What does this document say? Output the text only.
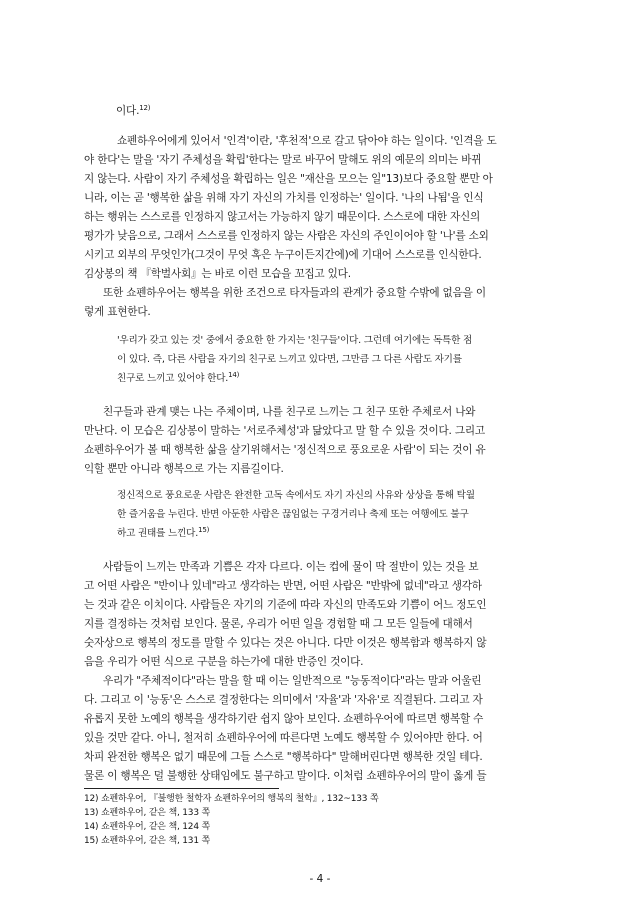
이다.$^{12)}$
쇼펜하우어에게 있어서 '인격'이란, '후천적'으로 갈고 닦아야 하는 일이다. '인격을 도
야 한다'는 말을 '자기 주체성을 확립'한다는 말로 바꾸어 말해도 위의 예문의 의미는 바뀌
지 않는다. 사람이 자기 주체성을 확립하는 일은 "재산을 모으는 일"13)보다 중요할 뿐만 아
니라, 이는 곧 '행복한 삶을 위해 자기 자신의 가치를 인정하는' 일이다. '나의 나됨'을 인식
하는 행위는 스스로를 인정하지 않고서는 가능하지 않기 때문이다. 스스로에 대한 자신의
평가가 낮음으로, 그래서 스스로를 인정하지 않는 사람은 자신의 주인이어야 할 '나'를 소외
시키고 외부의 무엇인가(그것이 무엇 혹은 누구이든지간에)에 기대어 스스로를 인식한다.
김상봉의 책 『학벌사회』는 바로 이런 모습을 꼬집고 있다.
또한 쇼펜하우어는 행복을 위한 조건으로 타자들과의 관계가 중요할 수밖에 없음을 이
렇게 표현한다.
'우리가 갖고 있는 것' 중에서 중요한 한 가지는 '친구들'이다. 그런데 여기에는 독특한 점
이 있다. 즉, 다른 사람을 자기의 친구로 느끼고 있다면, 그만큼 그 다른 사람도 자기를
친구로 느끼고 있어야 한다.$^{14)}$
친구들과 관계 맺는 나는 주체이며, 나를 친구로 느끼는 그 친구 또한 주체로서 나와
만난다. 이 모습은 김상봉이 말하는 '서로주체성'과 닮았다고 말 할 수 있을 것이다. 그리고
쇼펜하우어가 볼 때 행복한 삶을 살기위해서는 '정신적으로 풍요로운 사람'이 되는 것이 유
익할 뿐만 아니라 행복으로 가는 지름길이다.
정신적으로 풍요로운 사람은 완전한 고독 속에서도 자기 자신의 사유와 상상을 통해 탁월
한 즐거움을 누린다. 반면 아둔한 사람은 끊임없는 구경거리나 축제 또는 여행에도 불구
하고 권태를 느낀다.$^{15)}$
사람들이 느끼는 만족과 기쁨은 각자 다르다. 이는 컵에 물이 딱 절반이 있는 것을 보
고 어떤 사람은 "반이나 있네"라고 생각하는 반면, 어떤 사람은 "반밖에 없네"라고 생각하
는 것과 같은 이치이다. 사람들은 자기의 기준에 따라 자신의 만족도와 기쁨이 어느 정도인
지를 결정하는 것처럼 보인다. 물론, 우리가 어떤 일을 경험할 때 그 모든 일들에 대해서
숫자상으로 행복의 정도를 말할 수 있다는 것은 아니다. 다만 이것은 행복함과 행복하지 않
음을 우리가 어떤 식으로 구분을 하는가에 대한 반증인 것이다.
우리가 "주체적이다"라는 말을 할 때 이는 일반적으로 "능동적이다"라는 말과 어울린
다. 그리고 이 '능동'은 스스로 결정한다는 의미에서 '자율'과 '자유'로 직결된다. 그리고 자
유롭지 못한 노예의 행복을 생각하기란 쉽지 않아 보인다. 쇼펜하우어에 따르면 행복할 수
있을 것만 같다. 아니, 철저히 쇼펜하우어에 따른다면 노예도 행복할 수 있어야만 한다. 어
차피 완전한 행복은 없기 때문에 그들 스스로 "행복하다" 말해버린다면 행복한 것일 테다.
물론 이 행복은 덜 불행한 상태임에도 불구하고 말이다. 이처럼 쇼펜하우어의 말이 옳게 들
12) 쇼펜하우어, 『불행한 철학자 쇼펜하우어의 행복의 철학』, 132~133 쪽
13) 쇼펜하우어, 같은 책, 133 쪽
14) 쇼펜하우어, 같은 책, 124 쪽
15) 쇼펜하우어, 같은 책, 131 쪽
- 4 -
